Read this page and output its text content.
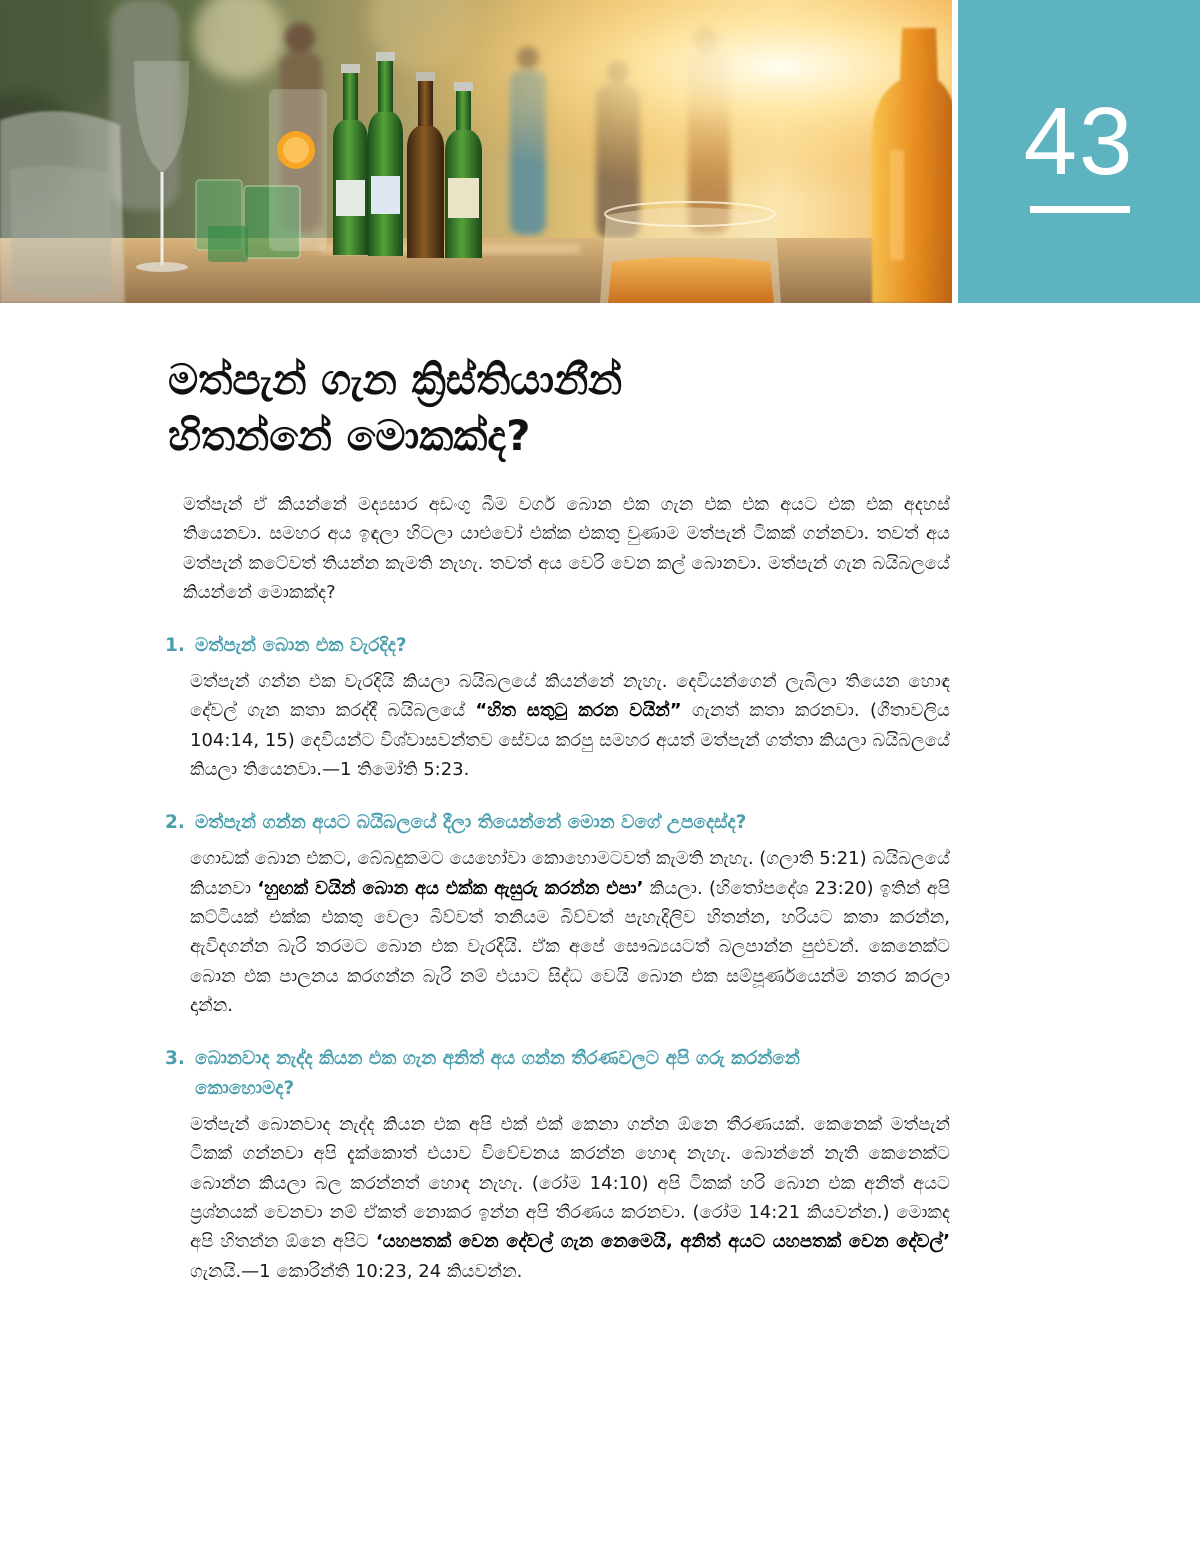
43
මත්පැන් ගැන ක්‍රිස්තියානීන්
හිතන්නේ මොකක්ද?

මත්පැන් ඒ කියන්නේ මද්‍යසාර අඩංගු බීම වර්ග බොන එක ගැන එක එක අයට එක එක අදහස් තියෙනවා. සමහර අය ඉඳලා හිටලා යාළුවෝ එක්ක එකතු වුණාම මත්පැන් ටිකක් ගන්නවා. තවත් අය මත්පැන් කටේවත් තියන්න කැමති නැහැ. තවත් අය වෙරි වෙන කල් බොනවා. මත්පැන් ගැන බයිබලයේ කියන්නේ මොකක්ද?

1. මත්පැන් බොන එක වැරදිද?

මත්පැන් ගන්න එක වැරදියි කියලා බයිබලයේ කියන්නේ නැහැ. දෙවියන්ගෙන් ලැබිලා තියෙන හොඳ දේවල් ගැන කතා කරද්දී බයිබලයේ “හිත සතුටු කරන වයින්” ගැනත් කතා කරනවා. (ගීතාවලිය 104:14, 15) දෙවියන්ට විශ්වාසවන්තව සේවය කරපු සමහර අයත් මත්පැන් ගත්තා කියලා බයිබලයේ කියලා තියෙනවා.—1 තිමෝති 5:23.

2. මත්පැන් ගන්න අයට බයිබලයේ දීලා තියෙන්නේ මොන වගේ උපදෙස්ද?

ගොඩක් බොන එකට, බේබදුකමට යෙහෝවා කොහොමටවත් කැමති නැහැ. (ගලාති 5:21) බයිබලයේ කියනවා ‘හුඟක් වයින් බොන අය එක්ක ඇසුරු කරන්න එපා’ කියලා. (හිතෝපදේශ 23:20) ඉතින් අපි කට්ටියක් එක්ක එකතු වෙලා බිව්වත් තනියම බිව්වත් පැහැදිලිව හිතන්න, හරියට කතා කරන්න, ඇවිදගන්න බැරි තරමට බොන එක වැරදියි. ඒක අපේ සෞඛ්‍යයටත් බලපාන්න පුළුවන්. කෙනෙක්ට බොන එක පාලනය කරගන්න බැරි නම් එයාට සිද්ධ වෙයි බොන එක සම්පූර්ණයෙන්ම නතර කරලා දාන්න.

3. බොනවාද නැද්ද කියන එක ගැන අනිත් අය ගන්න තීරණවලට අපි ගරු කරන්නේ කොහොමද?

මත්පැන් බොනවාද නැද්ද කියන එක අපි එක් එක් කෙනා ගන්න ඕනෙ තීරණයක්. කෙනෙක් මත්පැන් ටිකක් ගන්නවා අපි දැක්කොත් එයාව විවේචනය කරන්න හොඳ නැහැ. බොන්නේ නැති කෙනෙක්ට බොන්න කියලා බල කරන්නත් හොඳ නැහැ. (රෝම 14:10) අපි ටිකක් හරි බොන එක අනිත් අයට ප්‍රශ්නයක් වෙනවා නම් ඒකත් නොකර ඉන්න අපි තීරණය කරනවා. (රෝම 14:21 කියවන්න.) මොකද අපි හිතන්න ඕනෙ අපිට ‘යහපතක් වෙන දේවල් ගැන නෙමෙයි, අනිත් අයට යහපතක් වෙන දේවල්’ ගැනයි.—1 කොරින්ති 10:23, 24 කියවන්න.
